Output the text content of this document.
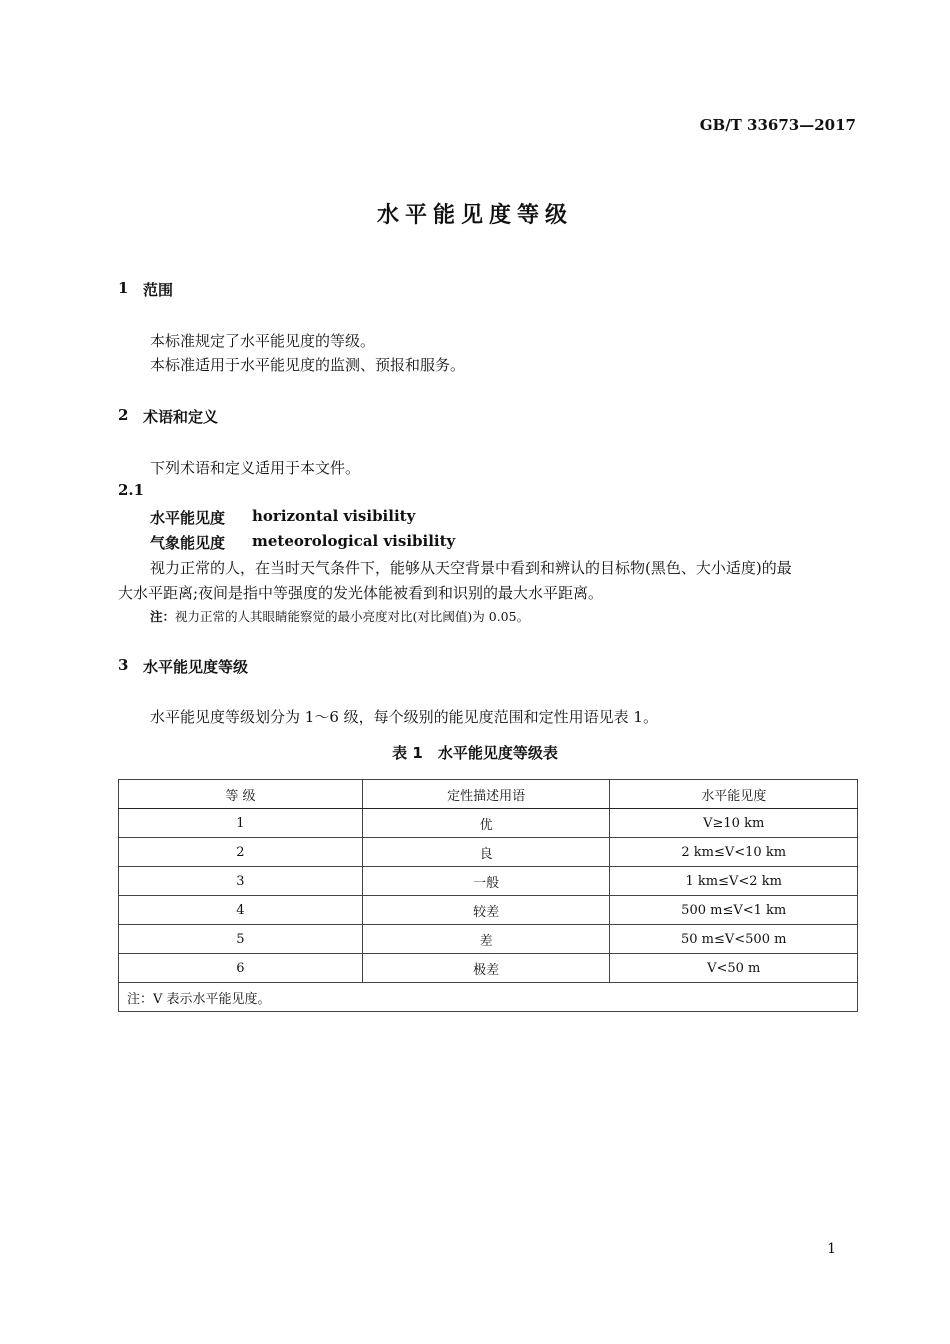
GB/T 33673—2017
水平能见度等级
1 范围
本标准规定了水平能见度的等级。
本标准适用于水平能见度的监测、预报和服务。
2 术语和定义
下列术语和定义适用于本文件。
2.1
水平能见度 horizontal visibility
气象能见度 meteorological visibility
视力正常的人，在当时天气条件下，能够从天空背景中看到和辨认的目标物(黑色、大小适度)的最
大水平距离;夜间是指中等强度的发光体能被看到和识别的最大水平距离。
注：视力正常的人其眼睛能察觉的最小亮度对比(对比阈值)为 0.05。
3 水平能见度等级
水平能见度等级划分为 1～6 级，每个级别的能见度范围和定性用语见表 1。
表 1　水平能见度等级表
等 级	定性描述用语	水平能见度
1	优	V≥10 km
2	良	2 km≤V<10 km
3	一般	1 km≤V<2 km
4	较差	500 m≤V<1 km
5	差	50 m≤V<500 m
6	极差	V<50 m
注：V 表示水平能见度。		
1
